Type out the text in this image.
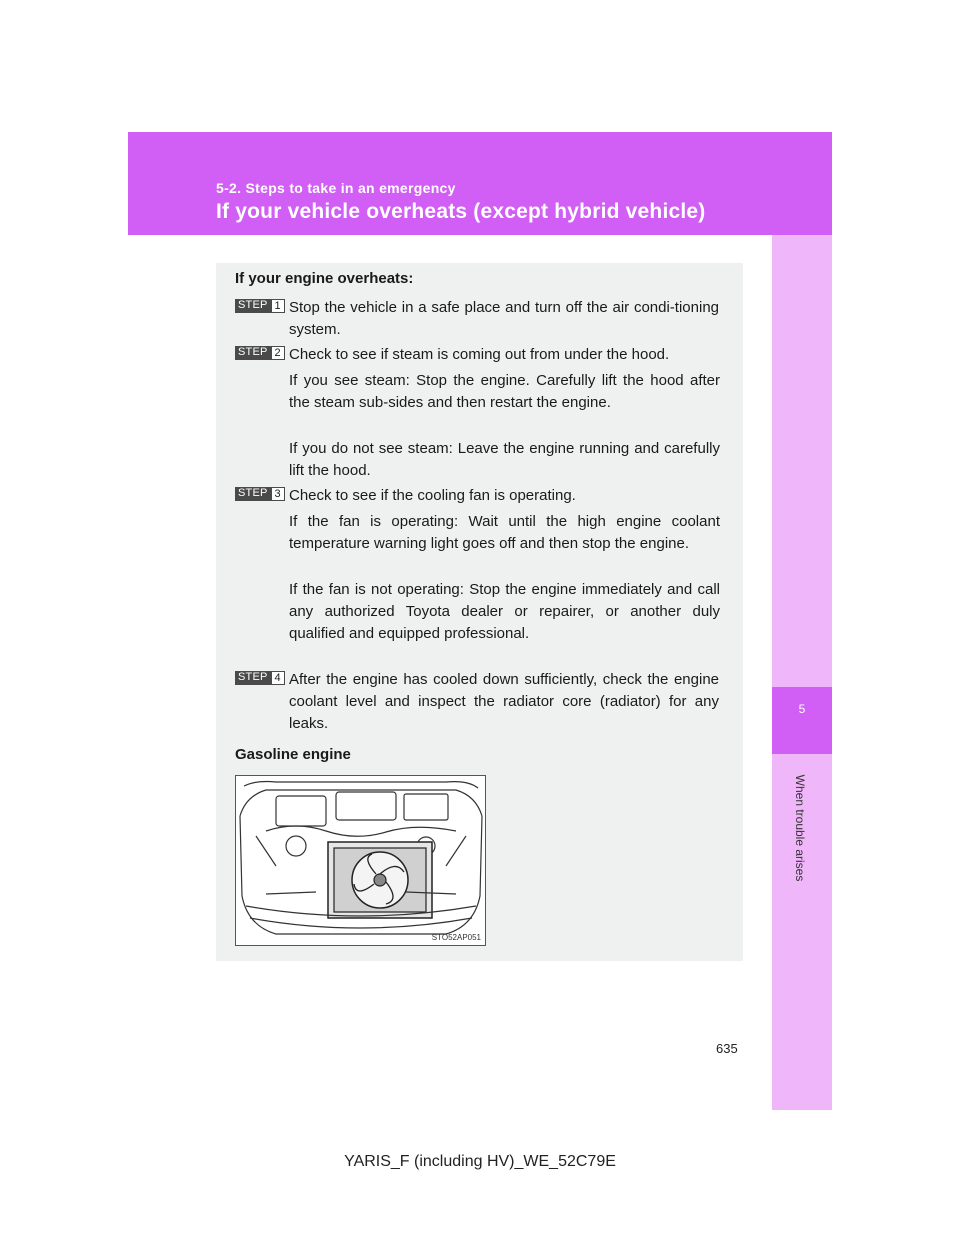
5-2. Steps to take in an emergency
If your vehicle overheats (except hybrid vehicle)
5
When trouble arises
If your engine overheats:
STEP 1 Stop the vehicle in a safe place and turn off the air condi-tioning system.
STEP 2 Check to see if steam is coming out from under the hood.
If you see steam: Stop the engine. Carefully lift the hood after the steam sub-sides and then restart the engine.
If you do not see steam: Leave the engine running and carefully lift the hood.
STEP 3 Check to see if the cooling fan is operating.
If the fan is operating: Wait until the high engine coolant temperature warning light goes off and then stop the engine.
If the fan is not operating: Stop the engine immediately and call any authorized Toyota dealer or repairer, or another duly qualified and equipped professional.
STEP 4 After the engine has cooled down sufficiently, check the engine coolant level and inspect the radiator core (radiator) for any leaks.
Gasoline engine
STO52AP051
635
YARIS_F (including HV)_WE_52C79E
